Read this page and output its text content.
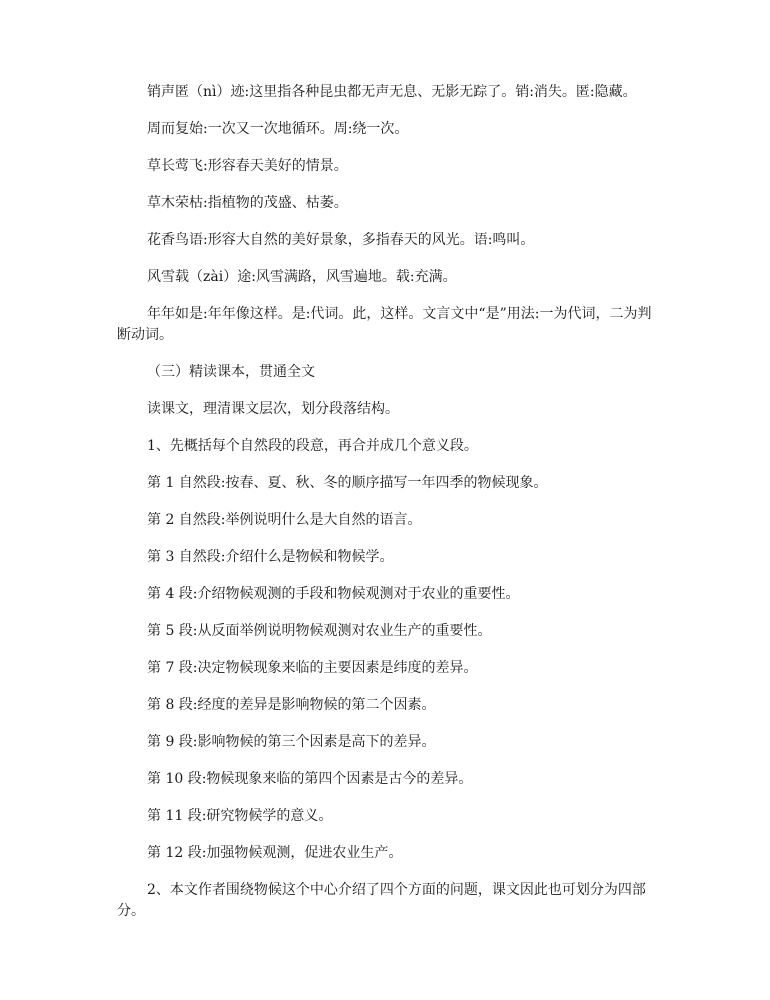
销声匿（nì）迹:这里指各种昆虫都无声无息、无影无踪了。销:消失。匿:隐藏。

周而复始:一次又一次地循环。周:绕一次。

草长莺飞:形容春天美好的情景。

草木荣枯:指植物的茂盛、枯萎。

花香鸟语:形容大自然的美好景象，多指春天的风光。语:鸣叫。

风雪载（zài）途:风雪满路，风雪遍地。载:充满。

年年如是:年年像这样。是:代词。此，这样。文言文中“是”用法:一为代词，二为判断动词。

（三）精读课本，贯通全文

读课文，理清课文层次，划分段落结构。

1、先概括每个自然段的段意，再合并成几个意义段。

第 1 自然段:按春、夏、秋、冬的顺序描写一年四季的物候现象。

第 2 自然段:举例说明什么是大自然的语言。

第 3 自然段:介绍什么是物候和物候学。

第 4 段:介绍物候观测的手段和物候观测对于农业的重要性。

第 5 段:从反面举例说明物候观测对农业生产的重要性。

第 7 段:决定物候现象来临的主要因素是纬度的差异。

第 8 段:经度的差异是影响物候的第二个因素。

第 9 段:影响物候的第三个因素是高下的差异。

第 10 段:物候现象来临的第四个因素是古今的差异。

第 11 段:研究物候学的意义。

第 12 段:加强物候观测，促进农业生产。

2、本文作者围绕物候这个中心介绍了四个方面的问题，课文因此也可划分为四部分。
